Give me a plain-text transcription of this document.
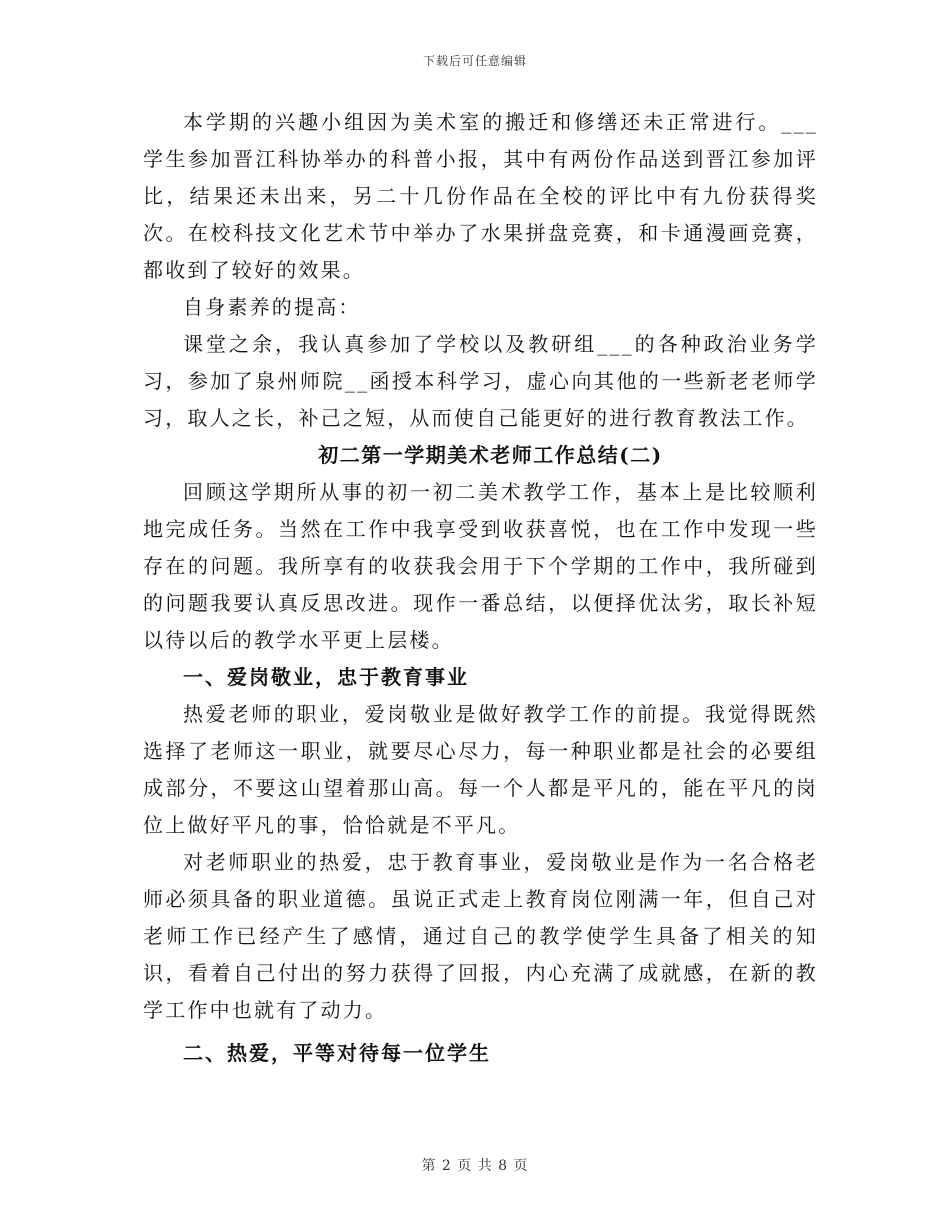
下载后可任意编辑

本学期的兴趣小组因为美术室的搬迁和修缮还未正常进行。___学生参加晋江科协举办的科普小报，其中有两份作品送到晋江参加评比，结果还未出来，另二十几份作品在全校的评比中有九份获得奖次。在校科技文化艺术节中举办了水果拼盘竞赛，和卡通漫画竞赛，都收到了较好的效果。

自身素养的提高：

课堂之余，我认真参加了学校以及教研组___的各种政治业务学习，参加了泉州师院__函授本科学习，虚心向其他的一些新老老师学习，取人之长，补己之短，从而使自己能更好的进行教育教法工作。

初二第一学期美术老师工作总结(二)

回顾这学期所从事的初一初二美术教学工作，基本上是比较顺利地完成任务。当然在工作中我享受到收获喜悦，也在工作中发现一些存在的问题。我所享有的收获我会用于下个学期的工作中，我所碰到的问题我要认真反思改进。现作一番总结，以便择优汰劣，取长补短以待以后的教学水平更上层楼。

一、爱岗敬业，忠于教育事业

热爱老师的职业，爱岗敬业是做好教学工作的前提。我觉得既然选择了老师这一职业，就要尽心尽力，每一种职业都是社会的必要组成部分，不要这山望着那山高。每一个人都是平凡的，能在平凡的岗位上做好平凡的事，恰恰就是不平凡。

对老师职业的热爱，忠于教育事业，爱岗敬业是作为一名合格老师必须具备的职业道德。虽说正式走上教育岗位刚满一年，但自己对老师工作已经产生了感情，通过自己的教学使学生具备了相关的知识，看着自己付出的努力获得了回报，内心充满了成就感，在新的教学工作中也就有了动力。

二、热爱，平等对待每一位学生

第 2 页 共 8 页
